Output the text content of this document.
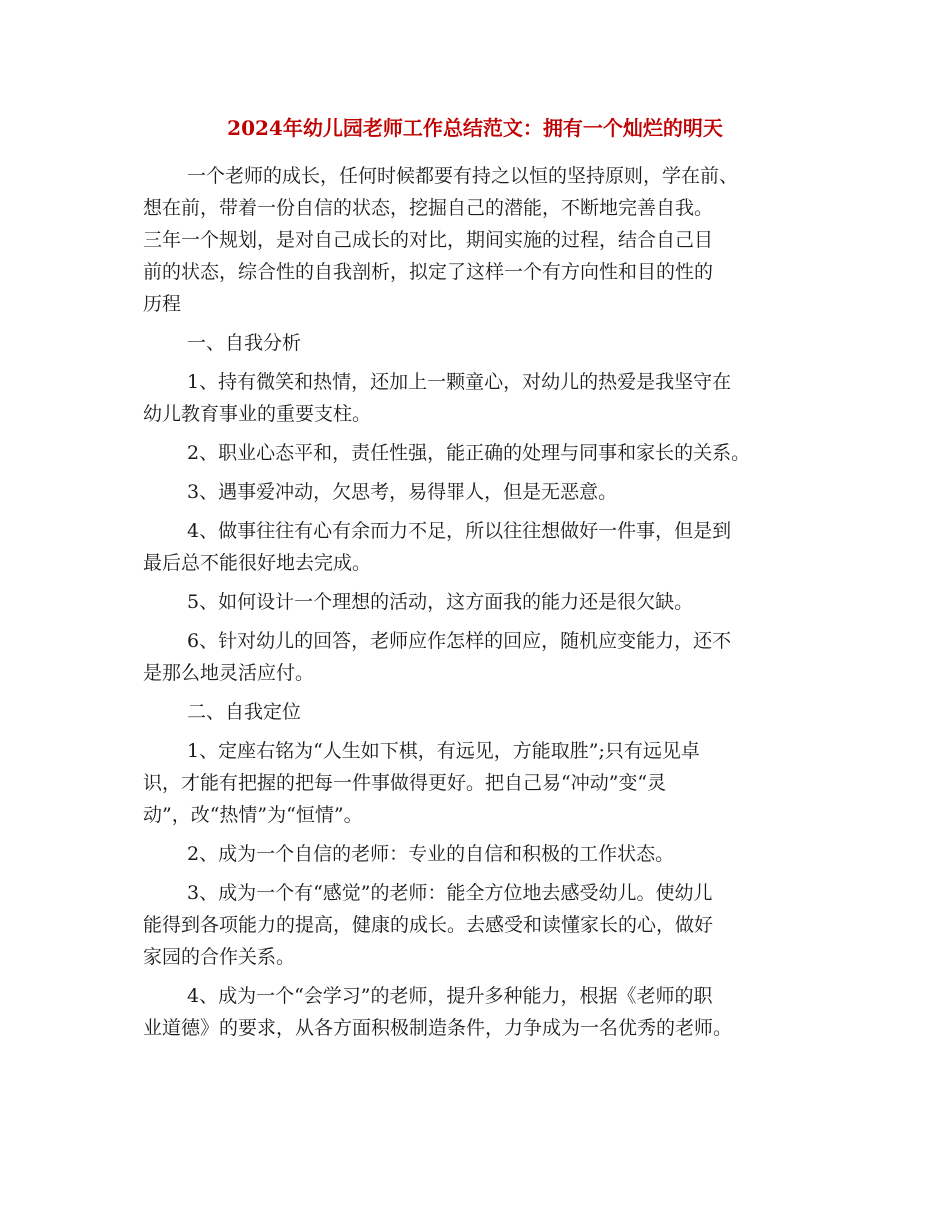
2024年幼儿园老师工作总结范文：拥有一个灿烂的明天

一个老师的成长，任何时候都要有持之以恒的坚持原则，学在前、
想在前，带着一份自信的状态，挖掘自己的潜能，不断地完善自我。
三年一个规划，是对自己成长的对比，期间实施的过程，结合自己目
前的状态，综合性的自我剖析，拟定了这样一个有方向性和目的性的
历程

一、自我分析

1、持有微笑和热情，还加上一颗童心，对幼儿的热爱是我坚守在
幼儿教育事业的重要支柱。

2、职业心态平和，责任性强，能正确的处理与同事和家长的关系。

3、遇事爱冲动，欠思考，易得罪人，但是无恶意。

4、做事往往有心有余而力不足，所以往往想做好一件事，但是到
最后总不能很好地去完成。

5、如何设计一个理想的活动，这方面我的能力还是很欠缺。

6、针对幼儿的回答，老师应作怎样的回应，随机应变能力，还不
是那么地灵活应付。

二、自我定位

1、定座右铭为“人生如下棋，有远见，方能取胜”;只有远见卓
识，才能有把握的把每一件事做得更好。把自己易“冲动”变“灵
动”，改“热情”为“恒情”。

2、成为一个自信的老师：专业的自信和积极的工作状态。

3、成为一个有“感觉”的老师：能全方位地去感受幼儿。使幼儿
能得到各项能力的提高，健康的成长。去感受和读懂家长的心，做好
家园的合作关系。

4、成为一个“会学习”的老师，提升多种能力，根据《老师的职
业道德》的要求，从各方面积极制造条件，力争成为一名优秀的老师。
